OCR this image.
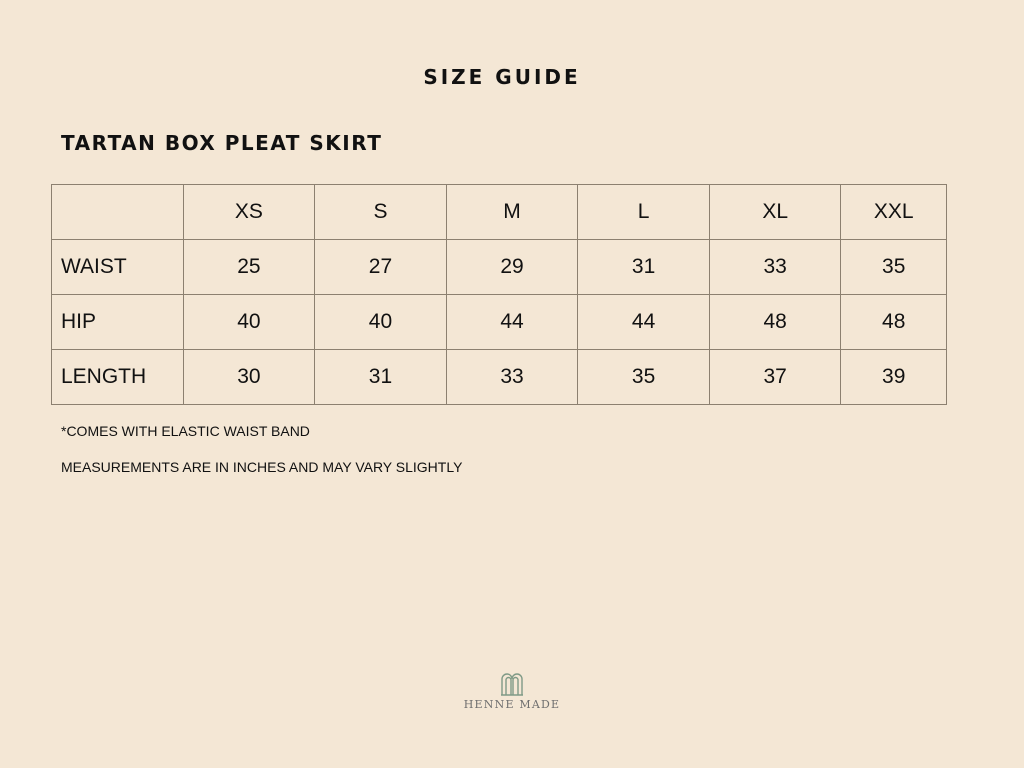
SIZE GUIDE
TARTAN BOX PLEAT SKIRT
	XS	S	M	L	XL	XXL
WAIST	25	27	29	31	33	35
HIP	40	40	44	44	48	48
LENGTH	30	31	33	35	37	39
*COMES WITH ELASTIC WAIST BAND
MEASUREMENTS ARE IN INCHES AND MAY VARY SLIGHTLY
HENNE MADE
